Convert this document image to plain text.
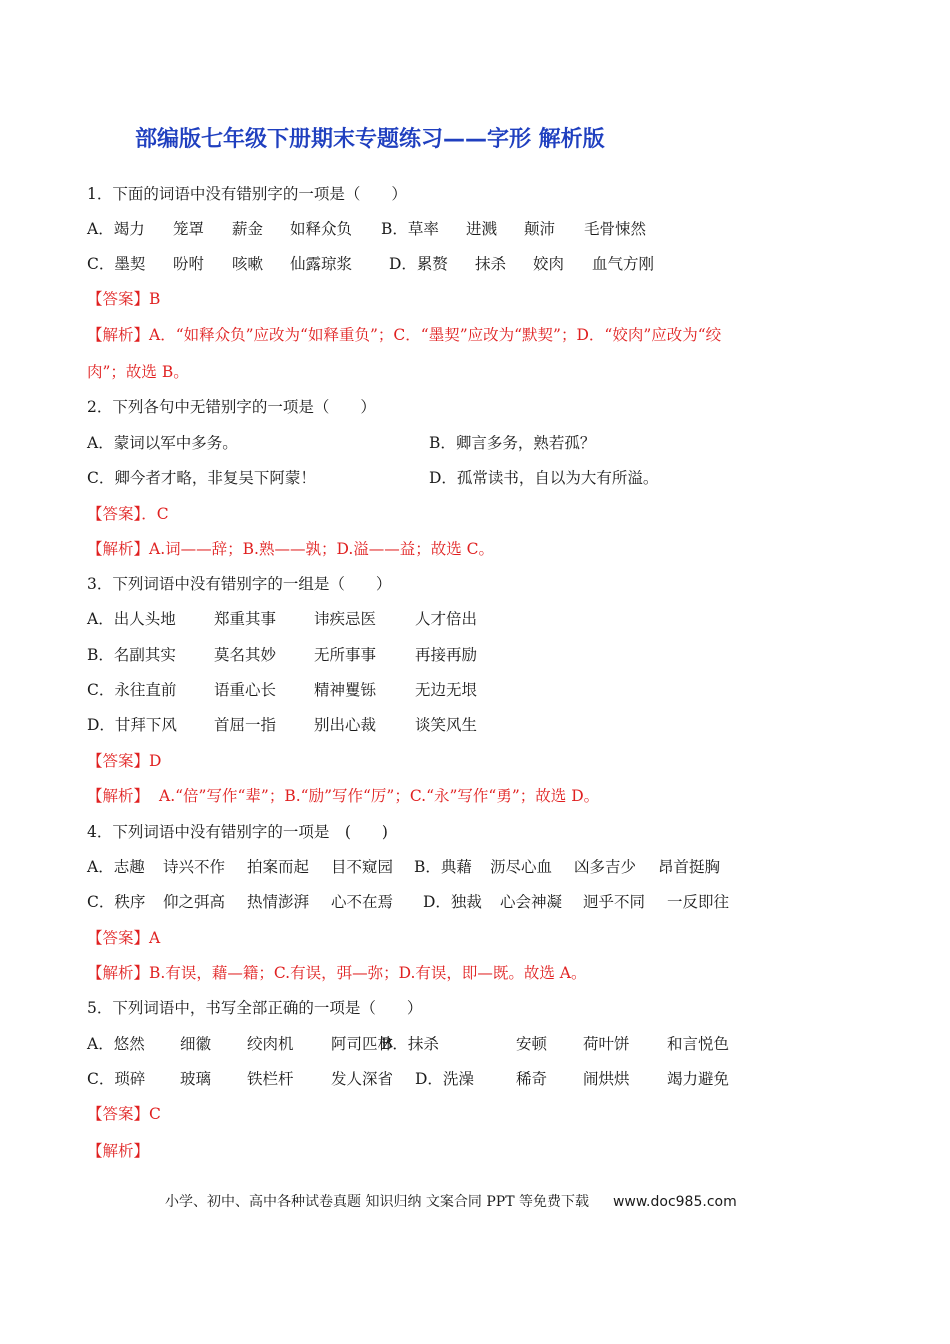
部编版七年级下册期末专题练习——字形 解析版
1．下面的词语中没有错别字的一项是（　　）
A．竭力 笼罩 薪金 如释众负 B．草率 进溅 颠沛 毛骨悚然
C．墨契 吩咐 咳嗽 仙露琼浆 D．累赘 抹杀 姣肉 血气方刚
【答案】B
【解析】A．“如释众负”应改为“如释重负”；C．“墨契”应改为“默契”；D．“姣肉”应改为“绞
肉”；故选 B。
2．下列各句中无错别字的一项是（　　）
A．蒙词以军中多务。	B．卿言多务，熟若孤？
C．卿今者才略，非复吴下阿蒙！	D．孤常读书，自以为大有所溢。
【答案】．C
【解析】A.词——辞；B.熟——孰；D.溢——益；故选 C。
3．下列词语中没有错别字的一组是（　　）
A．出人头地 郑重其事 讳疾忌医	人才倍出
B．名副其实 莫名其妙 无所事事	再接再励
C．永往直前 语重心长 精神矍铄	无边无垠
D．甘拜下风 首屈一指 别出心裁	谈笑风生
【答案】D
【解析】 A.“倍”写作“辈”；B.“励”写作“厉”；C.“永”写作“勇”；故选 D。
4．下列词语中没有错别字的一项是　(　　)
A．志趣 诗兴不作 拍案而起 目不窥园 B．典藉 沥尽心血 凶多吉少 昂首挺胸
C．秩序 仰之弭高 热情澎湃 心不在焉 D．独裁 心会神凝 迥乎不同 一反即往
【答案】A
【解析】B.有误，藉—籍；C.有误，弭—弥；D.有误，即—既。故选 A。
5．下列词语中，书写全部正确的一项是（　　）
A．悠然 细徽 绞肉机 阿司匹林
B．抹杀	安顿 荷叶饼 和言悦色
C．琐碎 玻璃 铁栏杆 发人深省 D．洗澡	稀奇 闹烘烘 竭力避免
【答案】C
【解析】
小学、初中、高中各种试卷真题 知识归纳 文案合同 PPT 等免费下载 www.doc985.com
